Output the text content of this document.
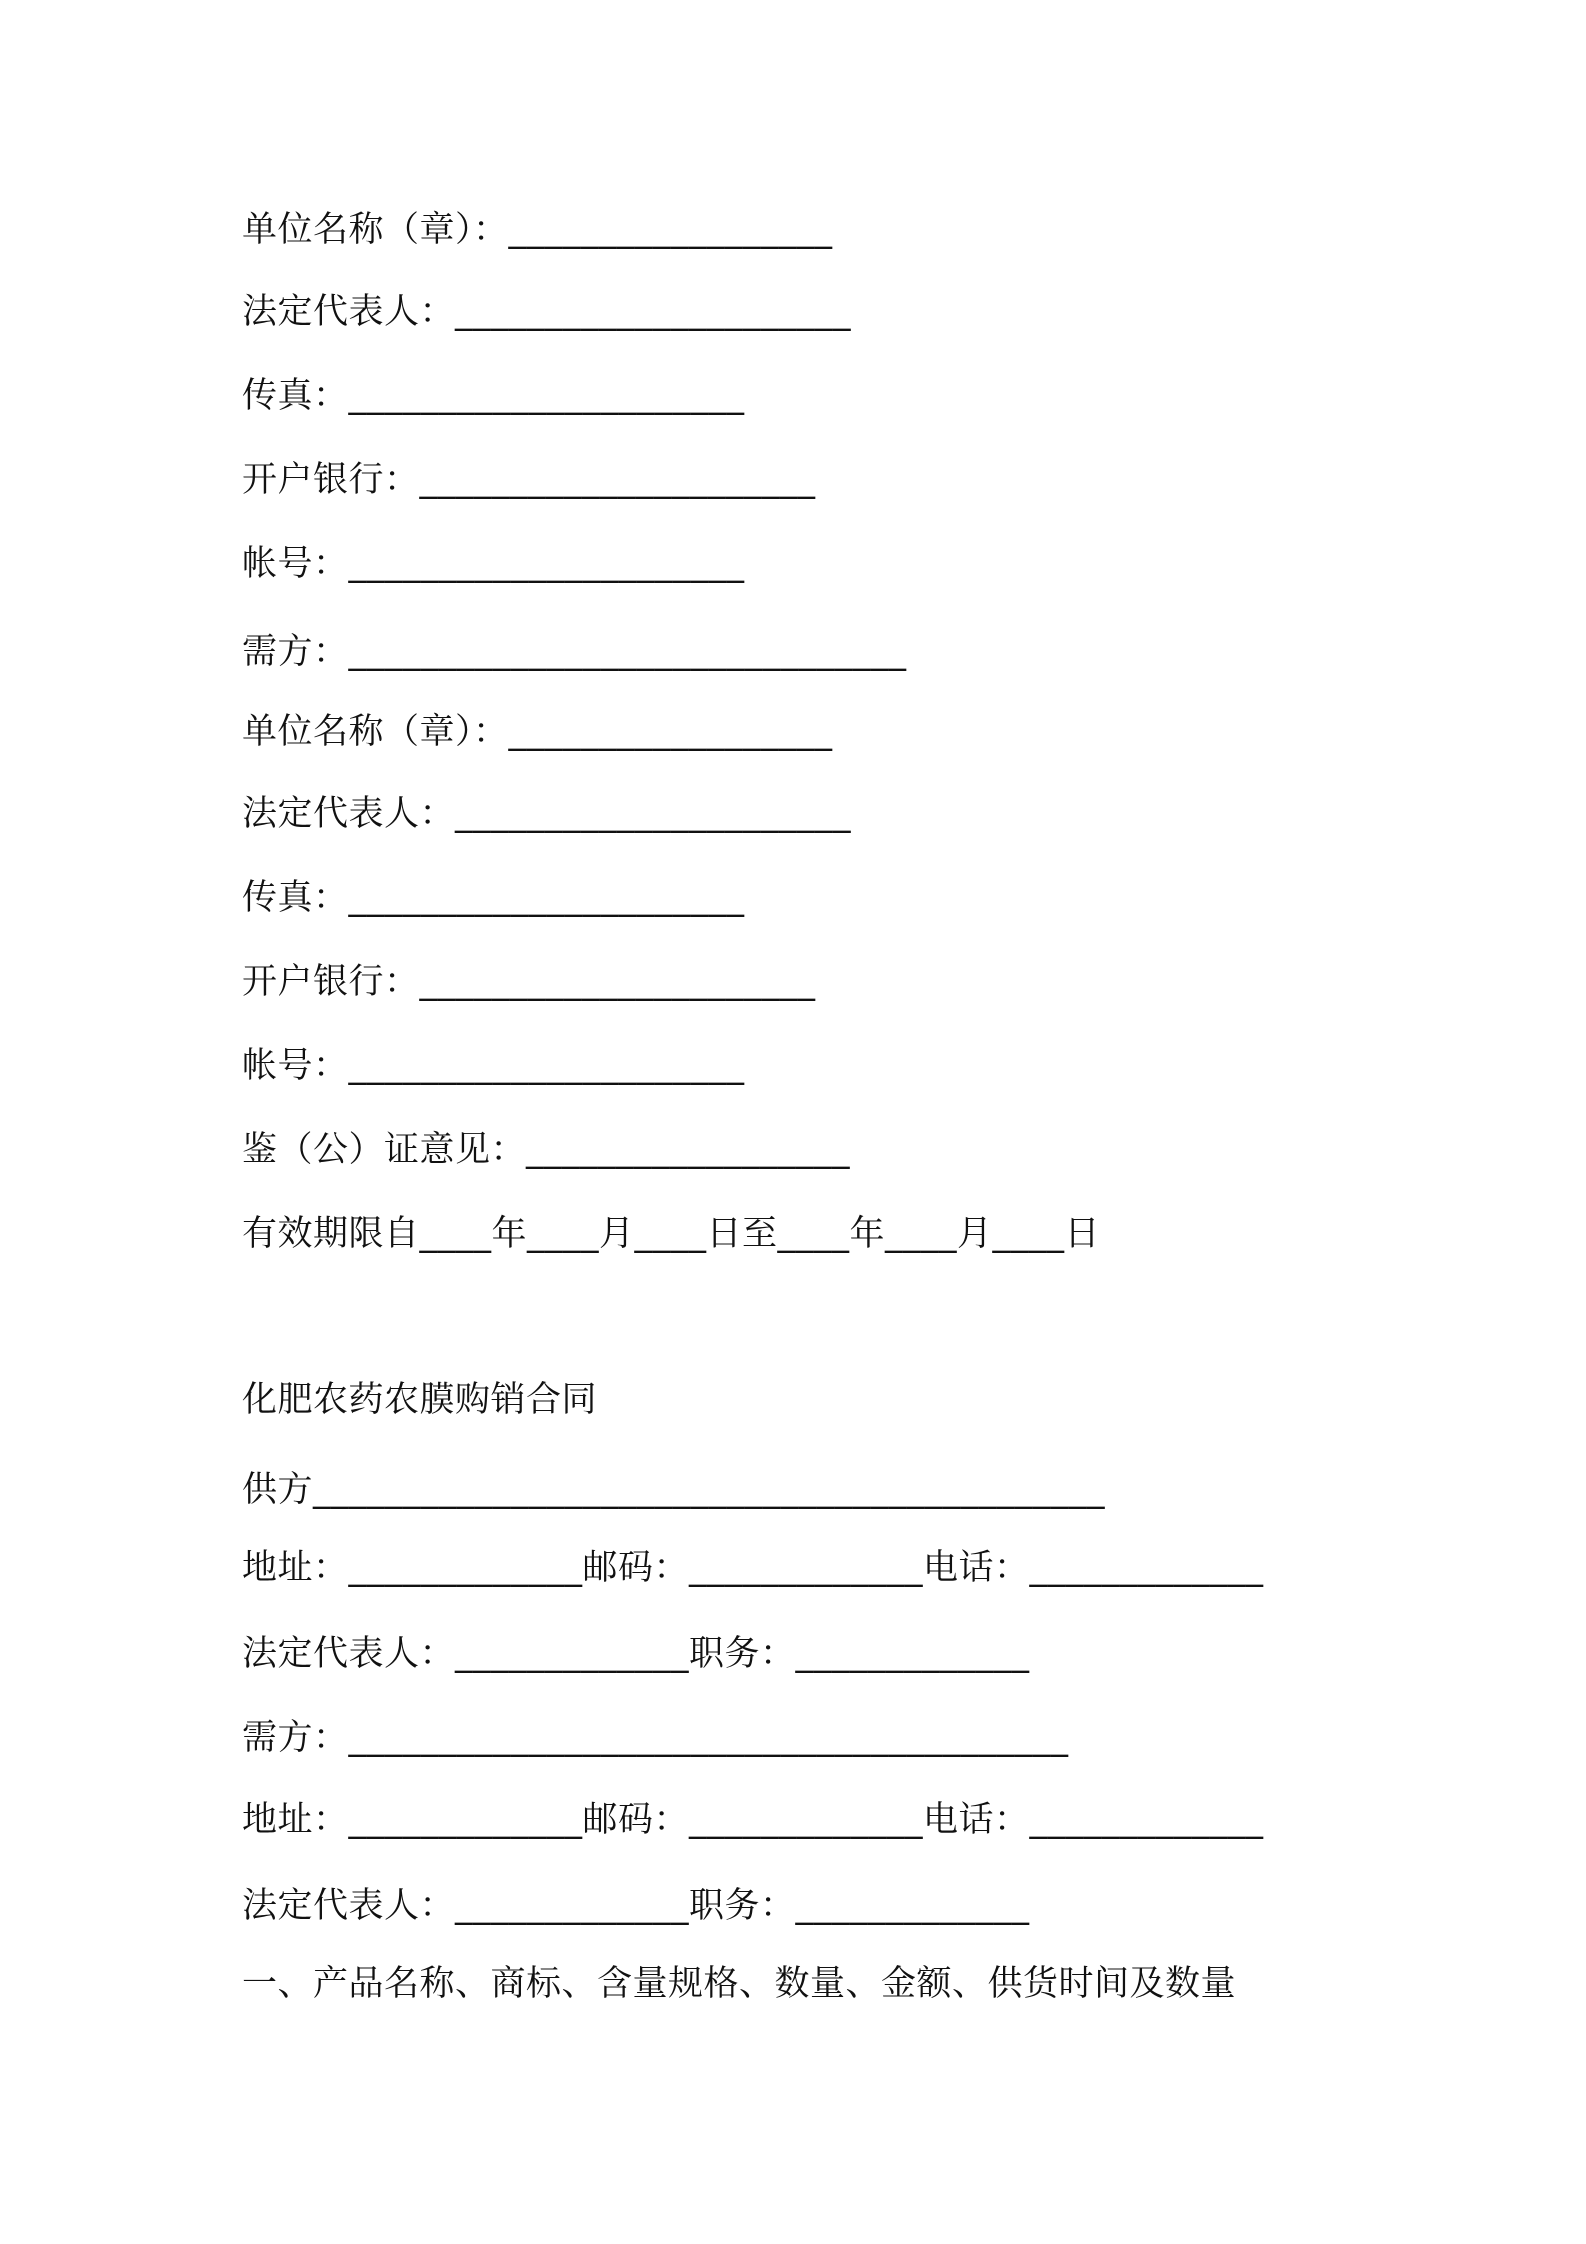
单位名称（章）：__________________
法定代表人：______________________
传真：______________________
开户银行：______________________
帐号：______________________
需方：_______________________________
单位名称（章）：__________________
法定代表人：______________________
传真：______________________
开户银行：______________________
帐号：______________________
鉴（公）证意见：__________________
有效期限自____年____月____日至____年____月____日
化肥农药农膜购销合同
供方____________________________________________
地址：_____________邮码：_____________电话：_____________
法定代表人：_____________职务：_____________
需方：________________________________________
地址：_____________邮码：_____________电话：_____________
法定代表人：_____________职务：_____________
一、产品名称、商标、含量规格、数量、金额、供货时间及数量
